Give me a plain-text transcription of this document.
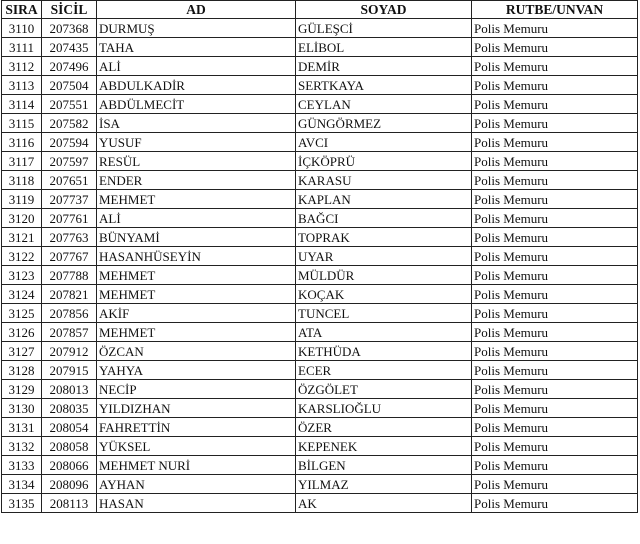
SIRA	SİCİL	AD	SOYAD	RUTBE/UNVAN
3110	207368	DURMUŞ	GÜLEŞCİ	Polis Memuru
3111	207435	TAHA	ELİBOL	Polis Memuru
3112	207496	ALİ	DEMİR	Polis Memuru
3113	207504	ABDULKADİR	SERTKAYA	Polis Memuru
3114	207551	ABDÜLMECİT	CEYLAN	Polis Memuru
3115	207582	İSA	GÜNGÖRMEZ	Polis Memuru
3116	207594	YUSUF	AVCI	Polis Memuru
3117	207597	RESÜL	İÇKÖPRÜ	Polis Memuru
3118	207651	ENDER	KARASU	Polis Memuru
3119	207737	MEHMET	KAPLAN	Polis Memuru
3120	207761	ALİ	BAĞCI	Polis Memuru
3121	207763	BÜNYAMİ	TOPRAK	Polis Memuru
3122	207767	HASANHÜSEYİN	UYAR	Polis Memuru
3123	207788	MEHMET	MÜLDÜR	Polis Memuru
3124	207821	MEHMET	KOÇAK	Polis Memuru
3125	207856	AKİF	TUNCEL	Polis Memuru
3126	207857	MEHMET	ATA	Polis Memuru
3127	207912	ÖZCAN	KETHÜDA	Polis Memuru
3128	207915	YAHYA	ECER	Polis Memuru
3129	208013	NECİP	ÖZGÖLET	Polis Memuru
3130	208035	YILDIZHAN	KARSLIOĞLU	Polis Memuru
3131	208054	FAHRETTİN	ÖZER	Polis Memuru
3132	208058	YÜKSEL	KEPENEK	Polis Memuru
3133	208066	MEHMET NURİ	BİLGEN	Polis Memuru
3134	208096	AYHAN	YILMAZ	Polis Memuru
3135	208113	HASAN	AK	Polis Memuru
